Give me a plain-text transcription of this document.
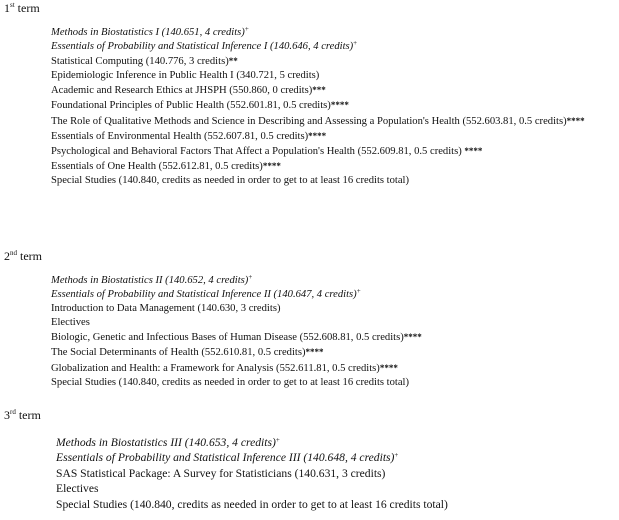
1st term
Methods in Biostatistics I (140.651, 4 credits)+
Essentials of Probability and Statistical Inference I (140.646, 4 credits)+
Statistical Computing (140.776, 3 credits)**
Epidemiologic Inference in Public Health I (340.721, 5 credits)
Academic and Research Ethics at JHSPH (550.860, 0 credits)***
Foundational Principles of Public Health (552.601.81, 0.5 credits)****
The Role of Qualitative Methods and Science in Describing and Assessing a Population's Health (552.603.81, 0.5 credits)****
Essentials of Environmental Health (552.607.81, 0.5 credits)****
Psychological and Behavioral Factors That Affect a Population's Health (552.609.81, 0.5 credits) ****
Essentials of One Health (552.612.81, 0.5 credits)****
Special Studies (140.840, credits as needed in order to get to at least 16 credits total)
2nd term
Methods in Biostatistics II (140.652, 4 credits)+
Essentials of Probability and Statistical Inference II (140.647, 4 credits)+
Introduction to Data Management (140.630, 3 credits)
Electives
Biologic, Genetic and Infectious Bases of Human Disease (552.608.81, 0.5 credits)****
The Social Determinants of Health (552.610.81, 0.5 credits)****
Globalization and Health: a Framework for Analysis (552.611.81, 0.5 credits)****
Special Studies (140.840, credits as needed in order to get to at least 16 credits total)
3rd term
Methods in Biostatistics III (140.653, 4 credits)+
Essentials of Probability and Statistical Inference III (140.648, 4 credits)+
SAS Statistical Package: A Survey for Statisticians (140.631, 3 credits)
Electives
Special Studies (140.840, credits as needed in order to get to at least 16 credits total)
